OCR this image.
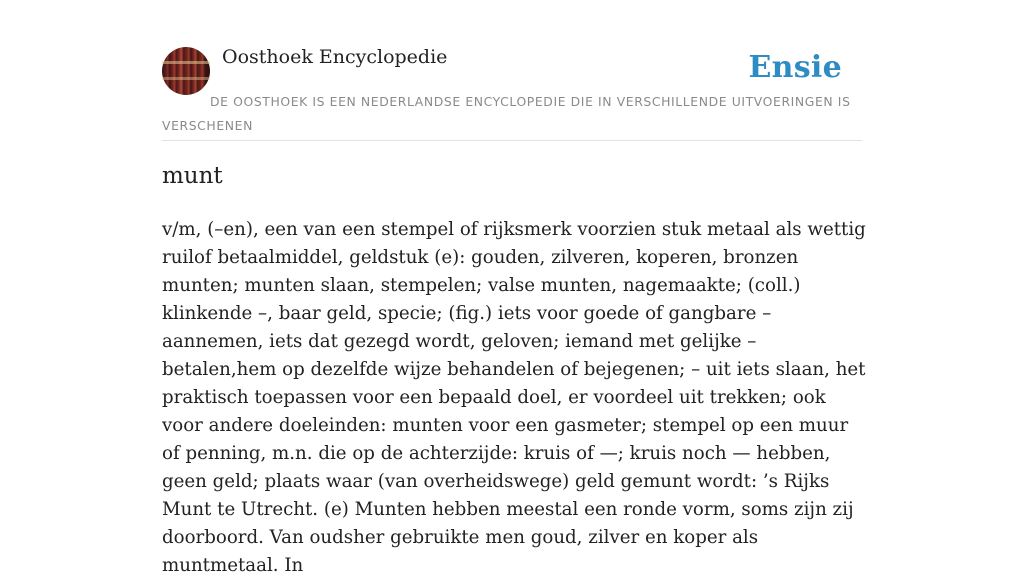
Oosthoek Encyclopedie	Ensie
DE OOSTHOEK IS EEN NEDERLANDSE ENCYCLOPEDIE DIE IN VERSCHILLENDE UITVOERINGEN IS VERSCHENEN
munt

v/m, (–en), een van een stempel of rijksmerk voorzien stuk metaal als wettig ruilof betaalmiddel, geldstuk (e): gouden, zilveren, koperen, bronzen munten; munten slaan, stempelen; valse munten, nagemaakte; (coll.) klinkende –, baar geld, specie; (fig.) iets voor goede of gangbare – aannemen, iets dat gezegd wordt, geloven; iemand met gelijke – betalen,hem op dezelfde wijze behandelen of bejegenen; – uit iets slaan, het praktisch toepassen voor een bepaald doel, er voordeel uit trekken; ook voor andere doeleinden: munten voor een gasmeter; stempel op een muur of penning, m.n. die op de achterzijde: kruis of —; kruis noch — hebben, geen geld; plaats waar (van overheidswege) geld gemunt wordt: ’s Rijks Munt te Utrecht. (e) Munten hebben meestal een ronde vorm, soms zijn zij doorboord. Van oudsher gebruikte men goud, zilver en koper als muntmetaal. In
